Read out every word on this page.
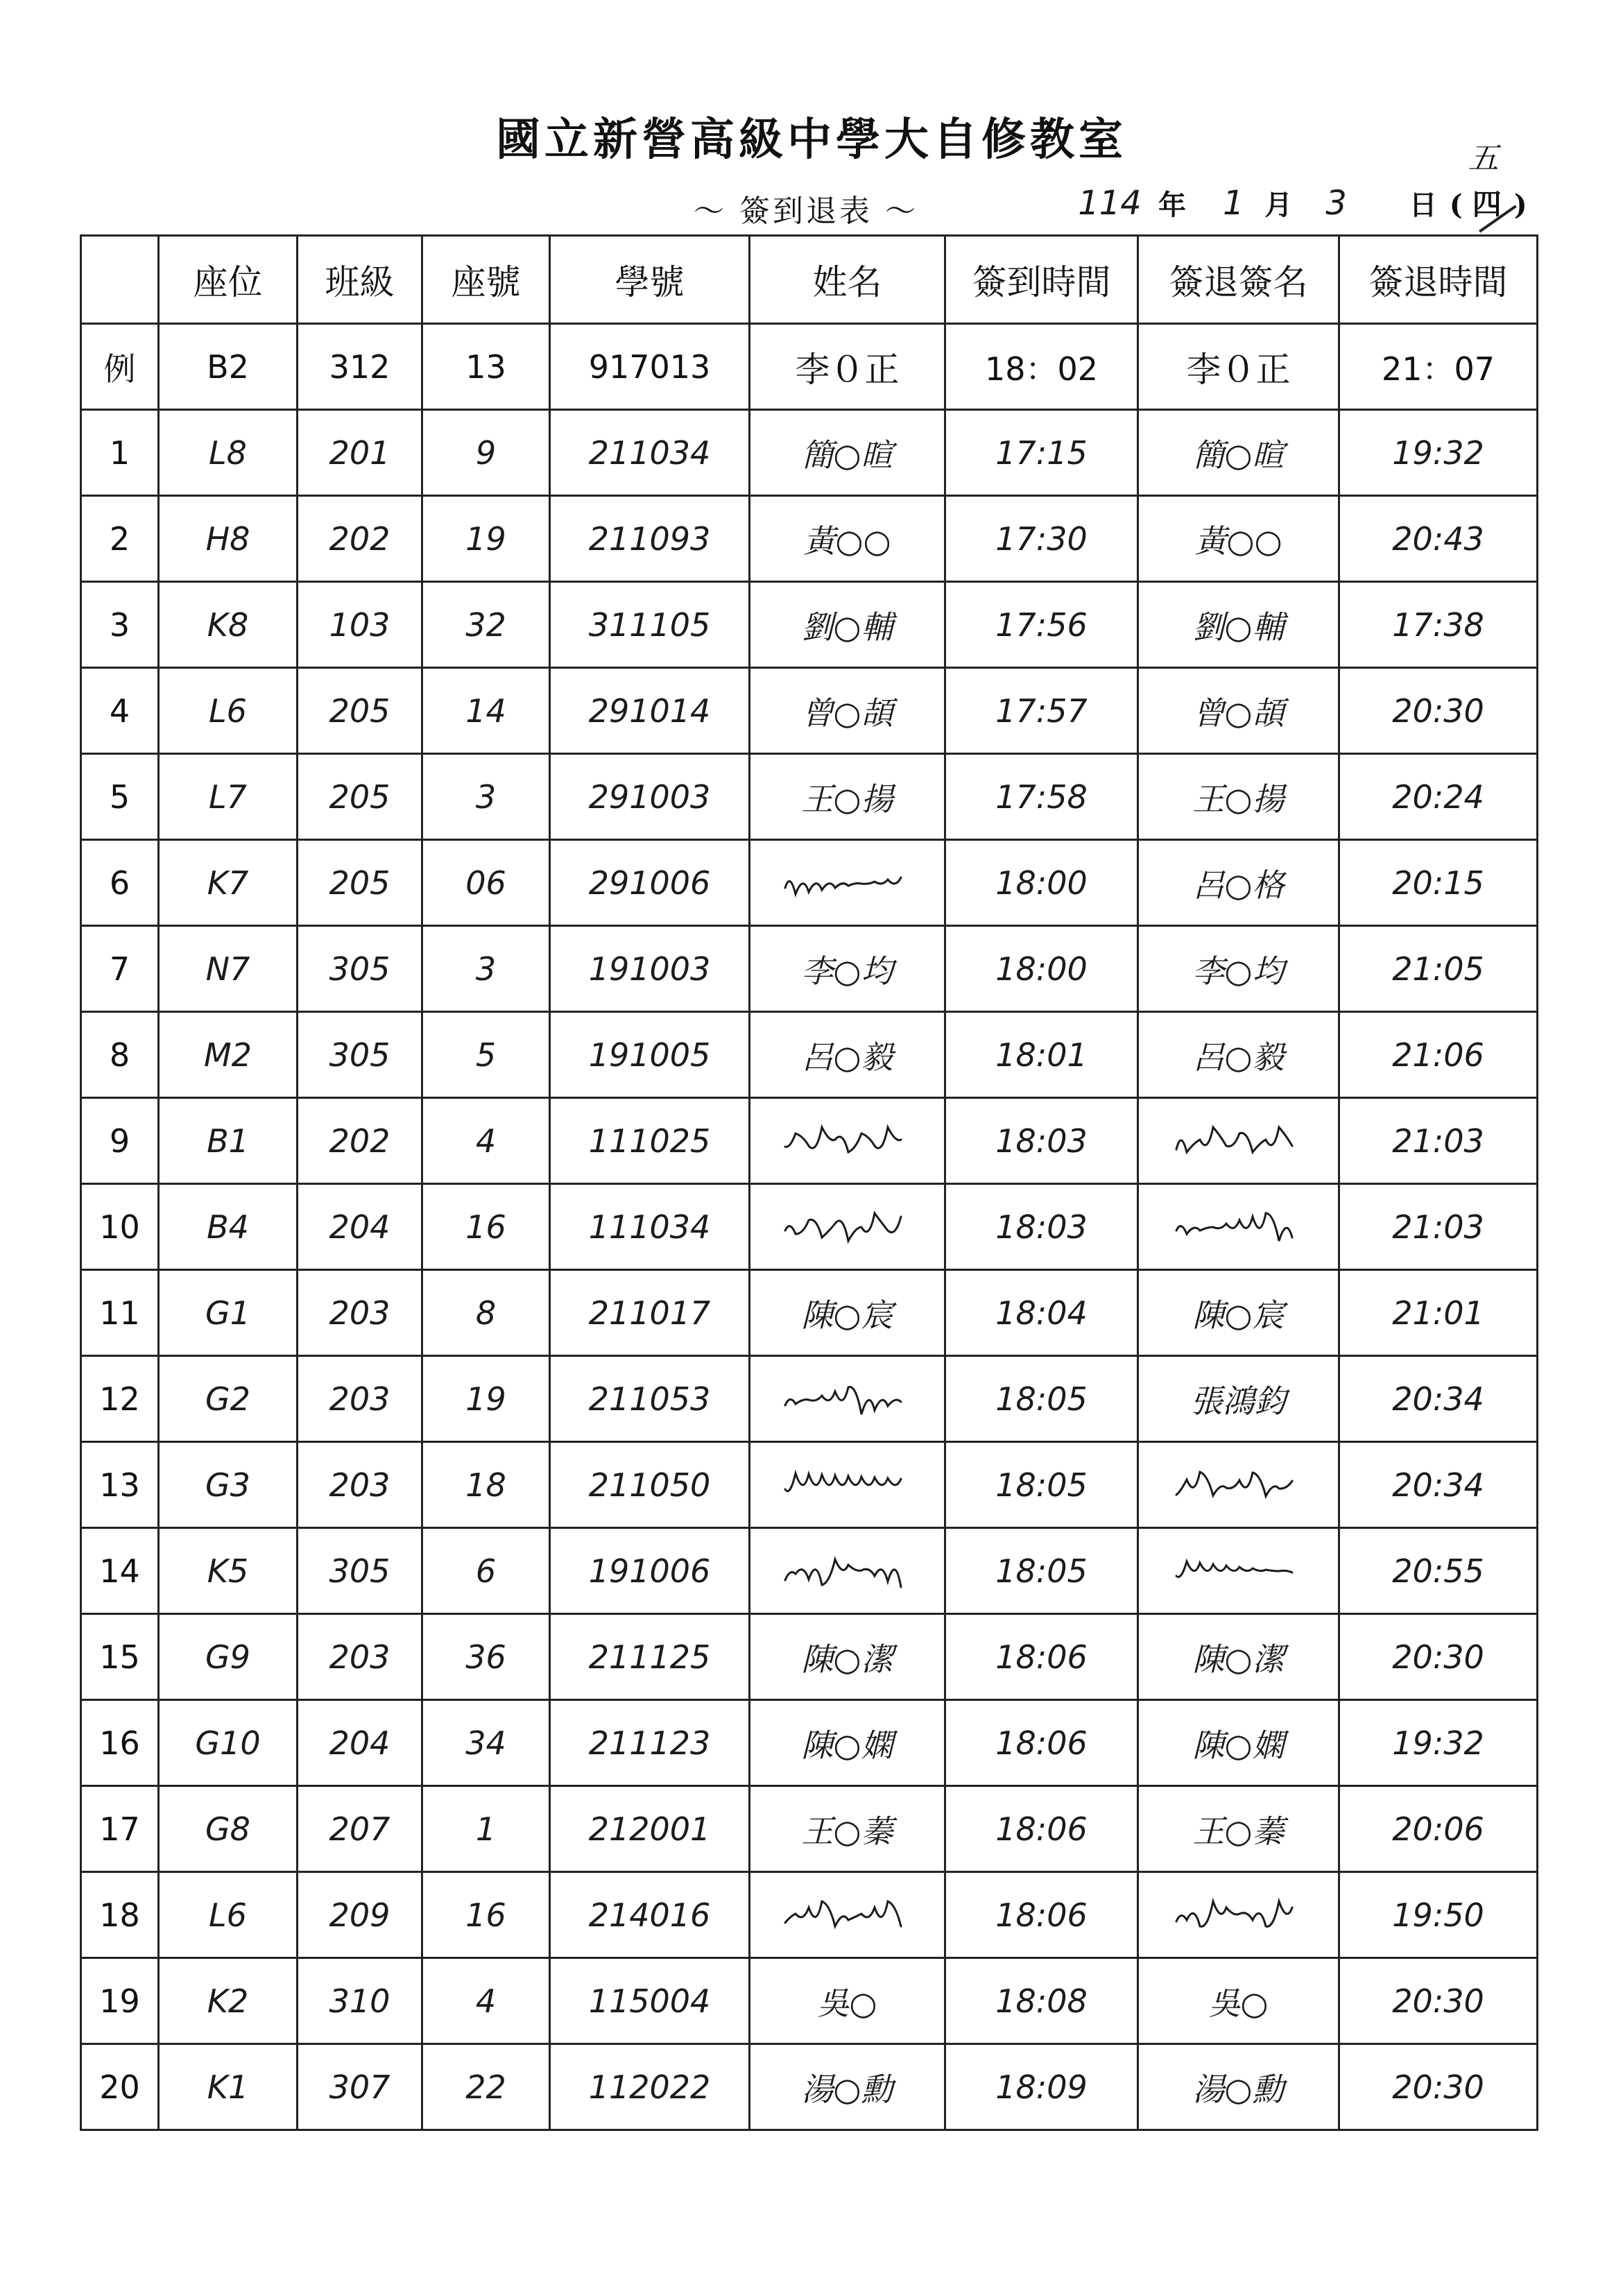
國立新營高級中學大自修教室
～ 簽到退表 ～	114 年 1 月 3 日 ( 四
五
)
	座位	班級	座號	學號	姓名	簽到時間	簽退簽名	簽退時間
例	B2	312	13	917013	李０正	18：02	李０正	21：07
1	L8	201	9	211034	簡○暄	17:15	簡○暄	19:32
2	H8	202	19	211093	黃○○	17:30	黃○○	20:43
3	K8	103	32	311105	劉○輔	17:56	劉○輔	17:38
4	L6	205	14	291014	曾○頡	17:57	曾○頡	20:30
5	L7	205	3	291003	王○揚	17:58	王○揚	20:24
6	K7	205	06	291006		18:00	呂○格	20:15
7	N7	305	3	191003	李○均	18:00	李○均	21:05
8	M2	305	5	191005	呂○毅	18:01	呂○毅	21:06
9	B1	202	4	111025		18:03		21:03
10	B4	204	16	111034		18:03		21:03
11	G1	203	8	211017	陳○宸	18:04	陳○宸	21:01
12	G2	203	19	211053		18:05	張鴻鈞	20:34
13	G3	203	18	211050		18:05		20:34
14	K5	305	6	191006		18:05		20:55
15	G9	203	36	211125	陳○潔	18:06	陳○潔	20:30
16	G10	204	34	211123	陳○嫻	18:06	陳○嫻	19:32
17	G8	207	1	212001	王○蓁	18:06	王○蓁	20:06
18	L6	209	16	214016		18:06		19:50
19	K2	310	4	115004	吳○	18:08	吳○	20:30
20	K1	307	22	112022	湯○勳	18:09	湯○勳	20:30
